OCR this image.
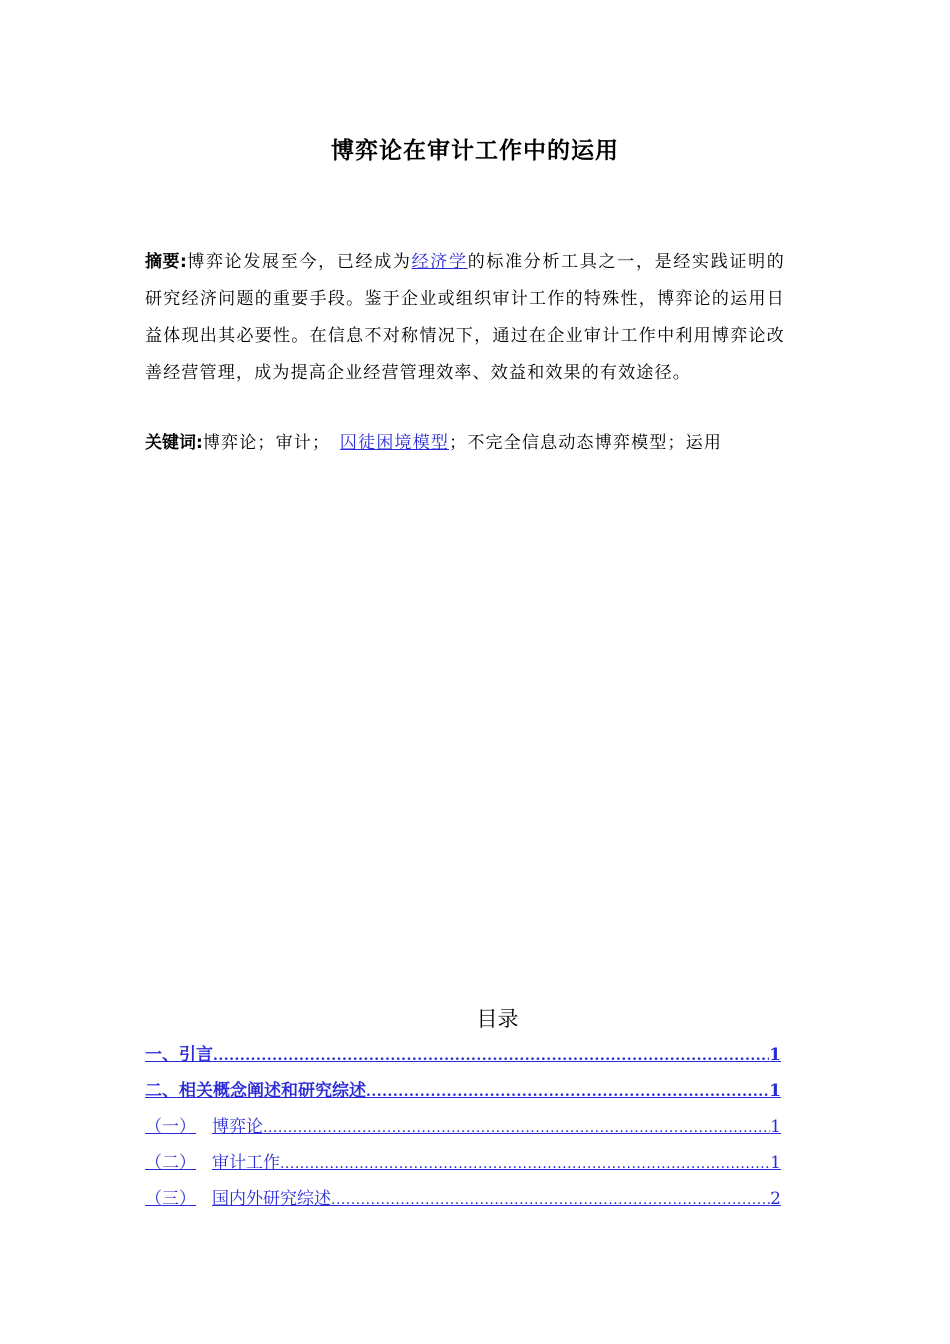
博弈论在审计工作中的运用
摘要:博弈论发展至今，已经成为经济学的标准分析工具之一，是经实践证明的研究经济问题的重要手段。鉴于企业或组织审计工作的特殊性，博弈论的运用日益体现出其必要性。在信息不对称情况下，通过在企业审计工作中利用博弈论改善经营管理，成为提高企业经营管理效率、效益和效果的有效途径。
关键词:博弈论；审计；　囚徒困境模型；不完全信息动态博弈模型；运用
目录
一、引言 .....	1
二、相关概念阐述和研究综述 .....	1
（一） 博弈论 .....	1
（二） 审计工作 .....	1
（三） 国内外研究综述 .....	2
